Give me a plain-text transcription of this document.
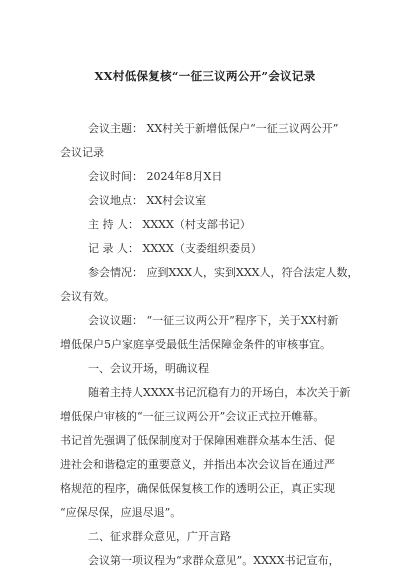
XX村低保复核“一征三议两公开”会议记录
会议主题： XX村关于新增低保户“一征三议两公开”
会议记录
会议时间： 2024年8月X日
会议地点： XX村会议室
主 持 人： XXXX（村支部书记）
记 录 人： XXXX（支委组织委员）
参会情况： 应到XXX人，实到XXX人，符合法定人数，
会议有效。
会议议题： “一征三议两公开”程序下，关于XX村新
增低保户5户家庭享受最低生活保障金条件的审核事宜。
一、会议开场，明确议程
随着主持人XXXX书记沉稳有力的开场白，本次关于新
增低保户审核的“一征三议两公开”会议正式拉开帷幕。
书记首先强调了低保制度对于保障困难群众基本生活、促
进社会和谐稳定的重要意义，并指出本次会议旨在通过严
格规范的程序，确保低保复核工作的透明公正，真正实现
“应保尽保，应退尽退”。
二、征求群众意见，广开言路
会议第一项议程为“求群众意见”。XXXX书记宣布，
